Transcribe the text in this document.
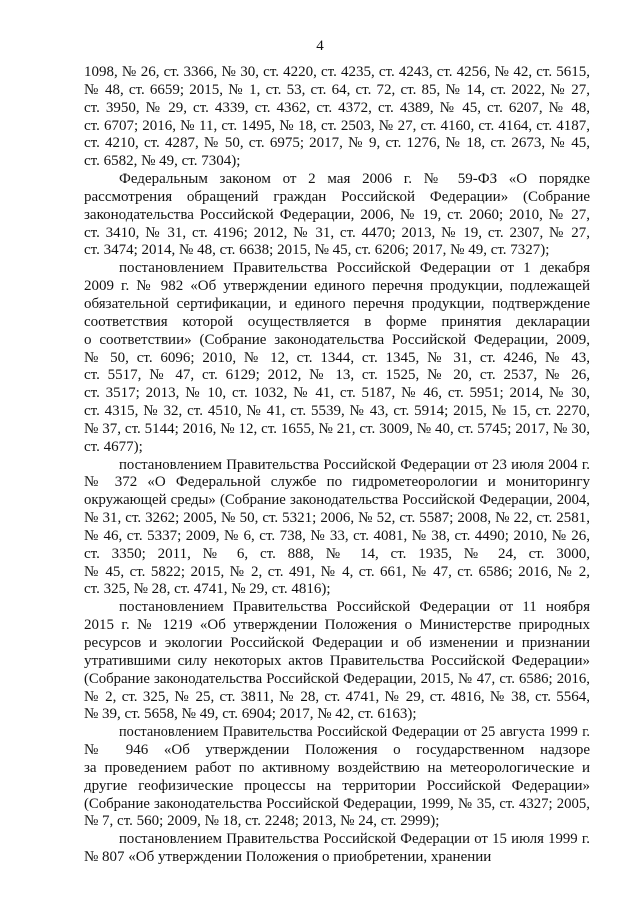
4
1098, № 26, ст. 3366, № 30, ст. 4220, ст. 4235, ст. 4243, ст. 4256, № 42, ст. 5615,
№ 48, ст. 6659; 2015, № 1, ст. 53, ст. 64, ст. 72, ст. 85, № 14, ст. 2022, № 27,
ст. 3950, № 29, ст. 4339, ст. 4362, ст. 4372, ст. 4389, № 45, ст. 6207, № 48,
ст. 6707; 2016, № 11, ст. 1495, № 18, ст. 2503, № 27, ст. 4160, ст. 4164, ст. 4187,
ст. 4210, ст. 4287, № 50, ст. 6975; 2017, № 9, ст. 1276, № 18, ст. 2673, № 45,
ст. 6582, № 49, ст. 7304);
Федеральным законом от 2 мая 2006 г. № 59-ФЗ «О порядке
рассмотрения обращений граждан Российской Федерации» (Собрание
законодательства Российской Федерации, 2006, № 19, ст. 2060; 2010, № 27,
ст. 3410, № 31, ст. 4196; 2012, № 31, ст. 4470; 2013, № 19, ст. 2307, № 27,
ст. 3474; 2014, № 48, ст. 6638; 2015, № 45, ст. 6206; 2017, № 49, ст. 7327);
постановлением Правительства Российской Федерации от 1 декабря
2009 г. № 982 «Об утверждении единого перечня продукции, подлежащей
обязательной сертификации, и единого перечня продукции, подтверждение
соответствия которой осуществляется в форме принятия декларации
о соответствии» (Собрание законодательства Российской Федерации, 2009,
№ 50, ст. 6096; 2010, № 12, ст. 1344, ст. 1345, № 31, ст. 4246, № 43,
ст. 5517, № 47, ст. 6129; 2012, № 13, ст. 1525, № 20, ст. 2537, № 26,
ст. 3517; 2013, № 10, ст. 1032, № 41, ст. 5187, № 46, ст. 5951; 2014, № 30,
ст. 4315, № 32, ст. 4510, № 41, ст. 5539, № 43, ст. 5914; 2015, № 15, ст. 2270,
№ 37, ст. 5144; 2016, № 12, ст. 1655, № 21, ст. 3009, № 40, ст. 5745; 2017, № 30,
ст. 4677);
постановлением Правительства Российской Федерации от 23 июля 2004 г.
№ 372 «О Федеральной службе по гидрометеорологии и мониторингу
окружающей среды» (Собрание законодательства Российской Федерации, 2004,
№ 31, ст. 3262; 2005, № 50, ст. 5321; 2006, № 52, ст. 5587; 2008, № 22, ст. 2581,
№ 46, ст. 5337; 2009, № 6, ст. 738, № 33, ст. 4081, № 38, ст. 4490; 2010, № 26,
ст. 3350; 2011, № 6, ст. 888, № 14, ст. 1935, № 24, ст. 3000,
№ 45, ст. 5822; 2015, № 2, ст. 491, № 4, ст. 661, № 47, ст. 6586; 2016, № 2,
ст. 325, № 28, ст. 4741, № 29, ст. 4816);
постановлением Правительства Российской Федерации от 11 ноября
2015 г. № 1219 «Об утверждении Положения о Министерстве природных
ресурсов и экологии Российской Федерации и об изменении и признании
утратившими силу некоторых актов Правительства Российской Федерации»
(Собрание законодательства Российской Федерации, 2015, № 47, ст. 6586; 2016,
№ 2, ст. 325, № 25, ст. 3811, № 28, ст. 4741, № 29, ст. 4816, № 38, ст. 5564,
№ 39, ст. 5658, № 49, ст. 6904; 2017, № 42, ст. 6163);
постановлением Правительства Российской Федерации от 25 августа 1999 г.
№ 946 «Об утверждении Положения о государственном надзоре
за проведением работ по активному воздействию на метеорологические и
другие геофизические процессы на территории Российской Федерации»
(Собрание законодательства Российской Федерации, 1999, № 35, ст. 4327; 2005,
№ 7, ст. 560; 2009, № 18, ст. 2248; 2013, № 24, ст. 2999);
постановлением Правительства Российской Федерации от 15 июля 1999 г.
№ 807 «Об утверждении Положения о приобретении, хранении
